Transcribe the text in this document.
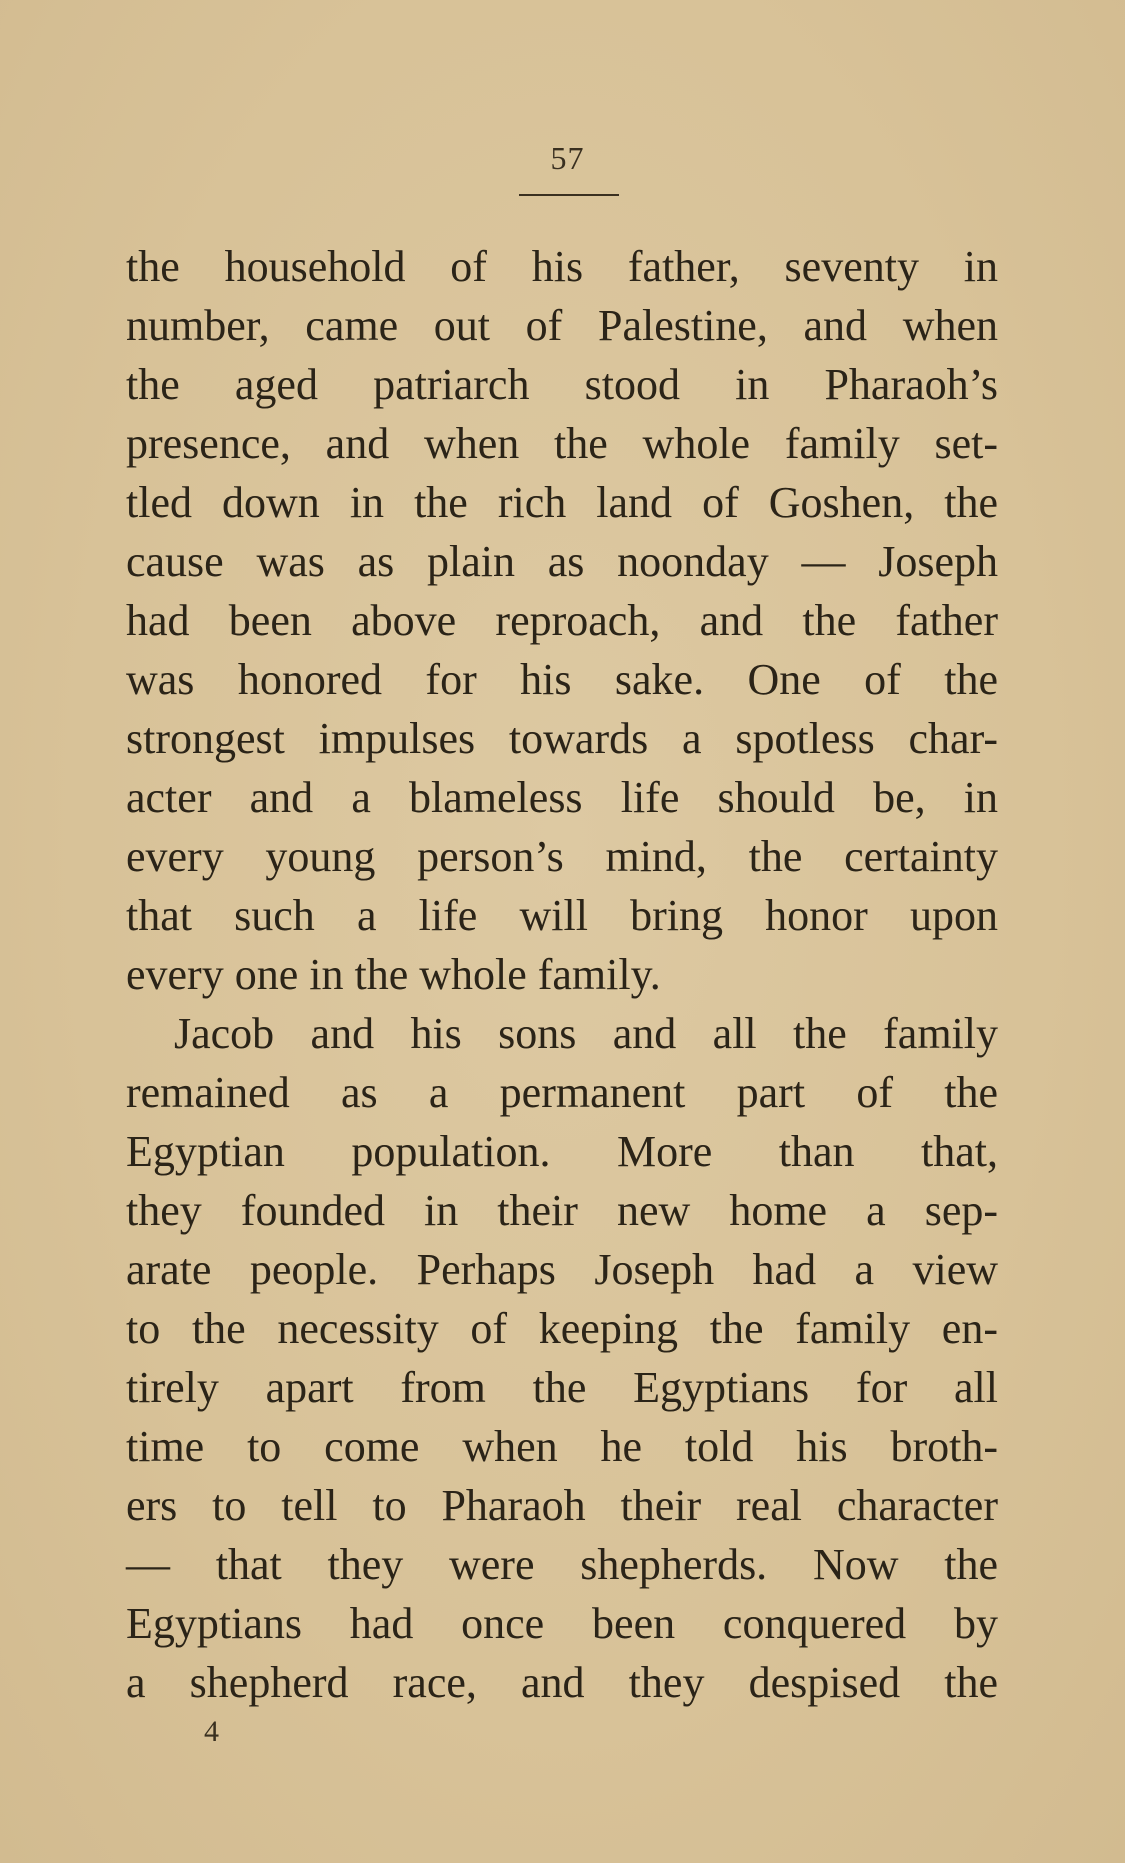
57
the household of his father, seventy in
number, came out of Palestine, and when
the aged patriarch stood in Pharaoh’s
presence, and when the whole family set-
tled down in the rich land of Goshen, the
cause was as plain as noonday — Joseph
had been above reproach, and the father
was honored for his sake. One of the
strongest impulses towards a spotless char-
acter and a blameless life should be, in
every young person’s mind, the certainty
that such a life will bring honor upon
every one in the whole family.
Jacob and his sons and all the family
remained as a permanent part of the
Egyptian population. More than that,
they founded in their new home a sep-
arate people. Perhaps Joseph had a view
to the necessity of keeping the family en-
tirely apart from the Egyptians for all
time to come when he told his broth-
ers to tell to Pharaoh their real character
— that they were shepherds. Now the
Egyptians had once been conquered by
a shepherd race, and they despised the
4
